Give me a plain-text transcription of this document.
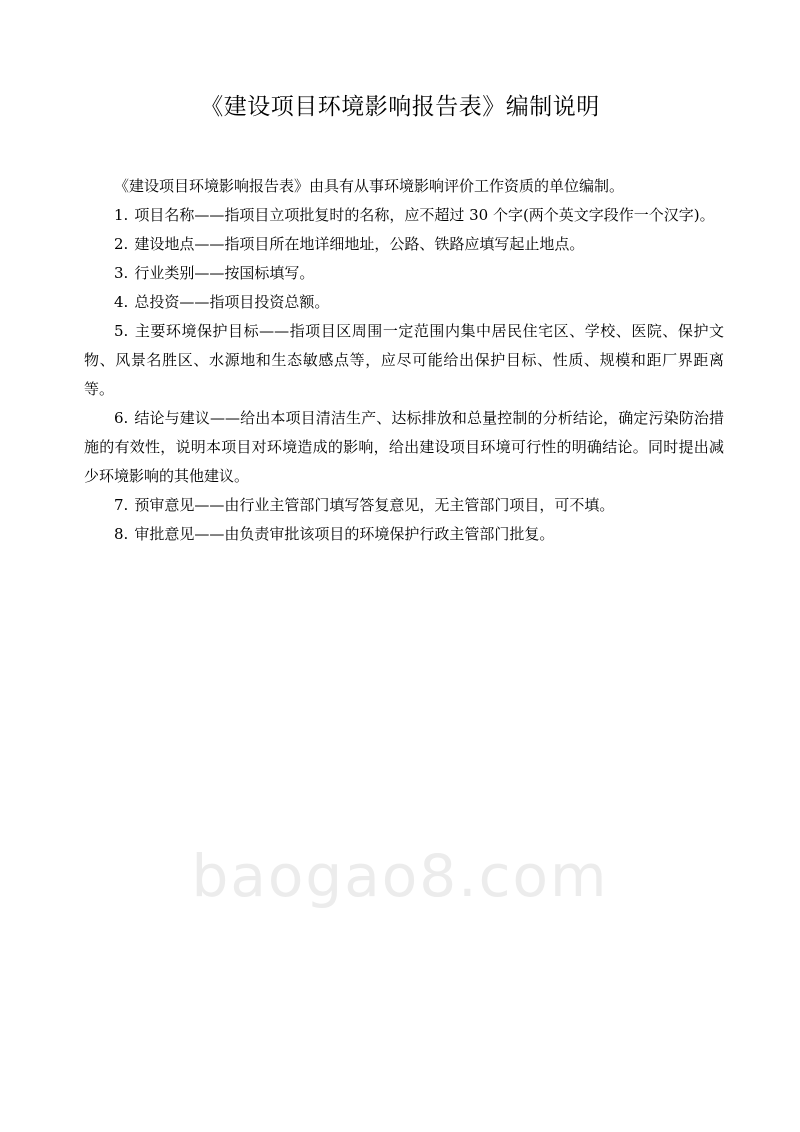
《建设项目环境影响报告表》编制说明

《建设项目环境影响报告表》由具有从事环境影响评价工作资质的单位编制。

1. 项目名称——指项目立项批复时的名称，应不超过 30 个字(两个英文字段作一个汉字)。

2. 建设地点——指项目所在地详细地址，公路、铁路应填写起止地点。

3. 行业类别——按国标填写。

4. 总投资——指项目投资总额。

5. 主要环境保护目标——指项目区周围一定范围内集中居民住宅区、学校、医院、保护文物、风景名胜区、水源地和生态敏感点等，应尽可能给出保护目标、性质、规模和距厂界距离等。

6. 结论与建议——给出本项目清洁生产、达标排放和总量控制的分析结论，确定污染防治措施的有效性，说明本项目对环境造成的影响，给出建设项目环境可行性的明确结论。同时提出减少环境影响的其他建议。

7. 预审意见——由行业主管部门填写答复意见，无主管部门项目，可不填。

8. 审批意见——由负责审批该项目的环境保护行政主管部门批复。

baogao8.com
